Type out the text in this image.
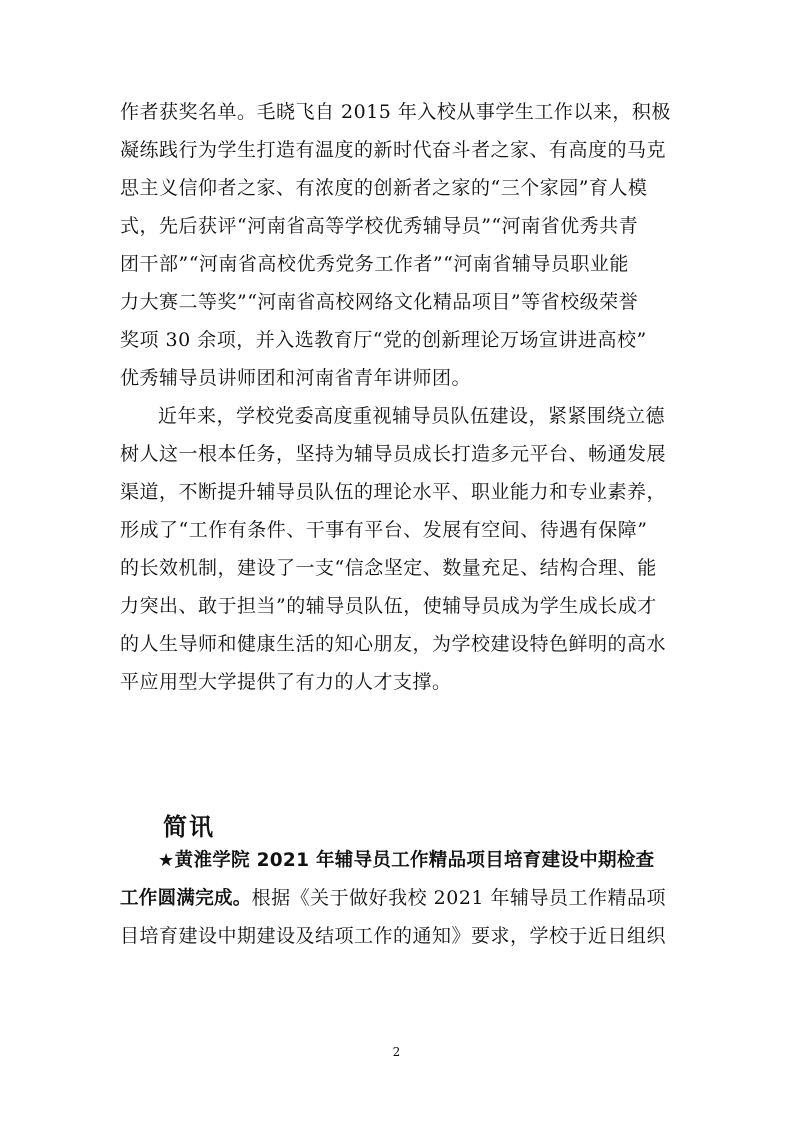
作者获奖名单。毛晓飞自 2015 年入校从事学生工作以来，积极
凝练践行为学生打造有温度的新时代奋斗者之家、有高度的马克
思主义信仰者之家、有浓度的创新者之家的“三个家园”育人模
式，先后获评“河南省高等学校优秀辅导员”“河南省优秀共青
团干部”“河南省高校优秀党务工作者”“河南省辅导员职业能
力大赛二等奖”“河南省高校网络文化精品项目”等省校级荣誉
奖项 30 余项，并入选教育厅“党的创新理论万场宣讲进高校”
优秀辅导员讲师团和河南省青年讲师团。
近年来，学校党委高度重视辅导员队伍建设，紧紧围绕立德
树人这一根本任务，坚持为辅导员成长打造多元平台、畅通发展
渠道，不断提升辅导员队伍的理论水平、职业能力和专业素养，
形成了“工作有条件、干事有平台、发展有空间、待遇有保障”
的长效机制，建设了一支“信念坚定、数量充足、结构合理、能
力突出、敢于担当”的辅导员队伍，使辅导员成为学生成长成才
的人生导师和健康生活的知心朋友，为学校建设特色鲜明的高水
平应用型大学提供了有力的人才支撑。
简讯
★黄淮学院 2021 年辅导员工作精品项目培育建设中期检查
工作圆满完成。根据《关于做好我校 2021 年辅导员工作精品项
目培育建设中期建设及结项工作的通知》要求，学校于近日组织
2
